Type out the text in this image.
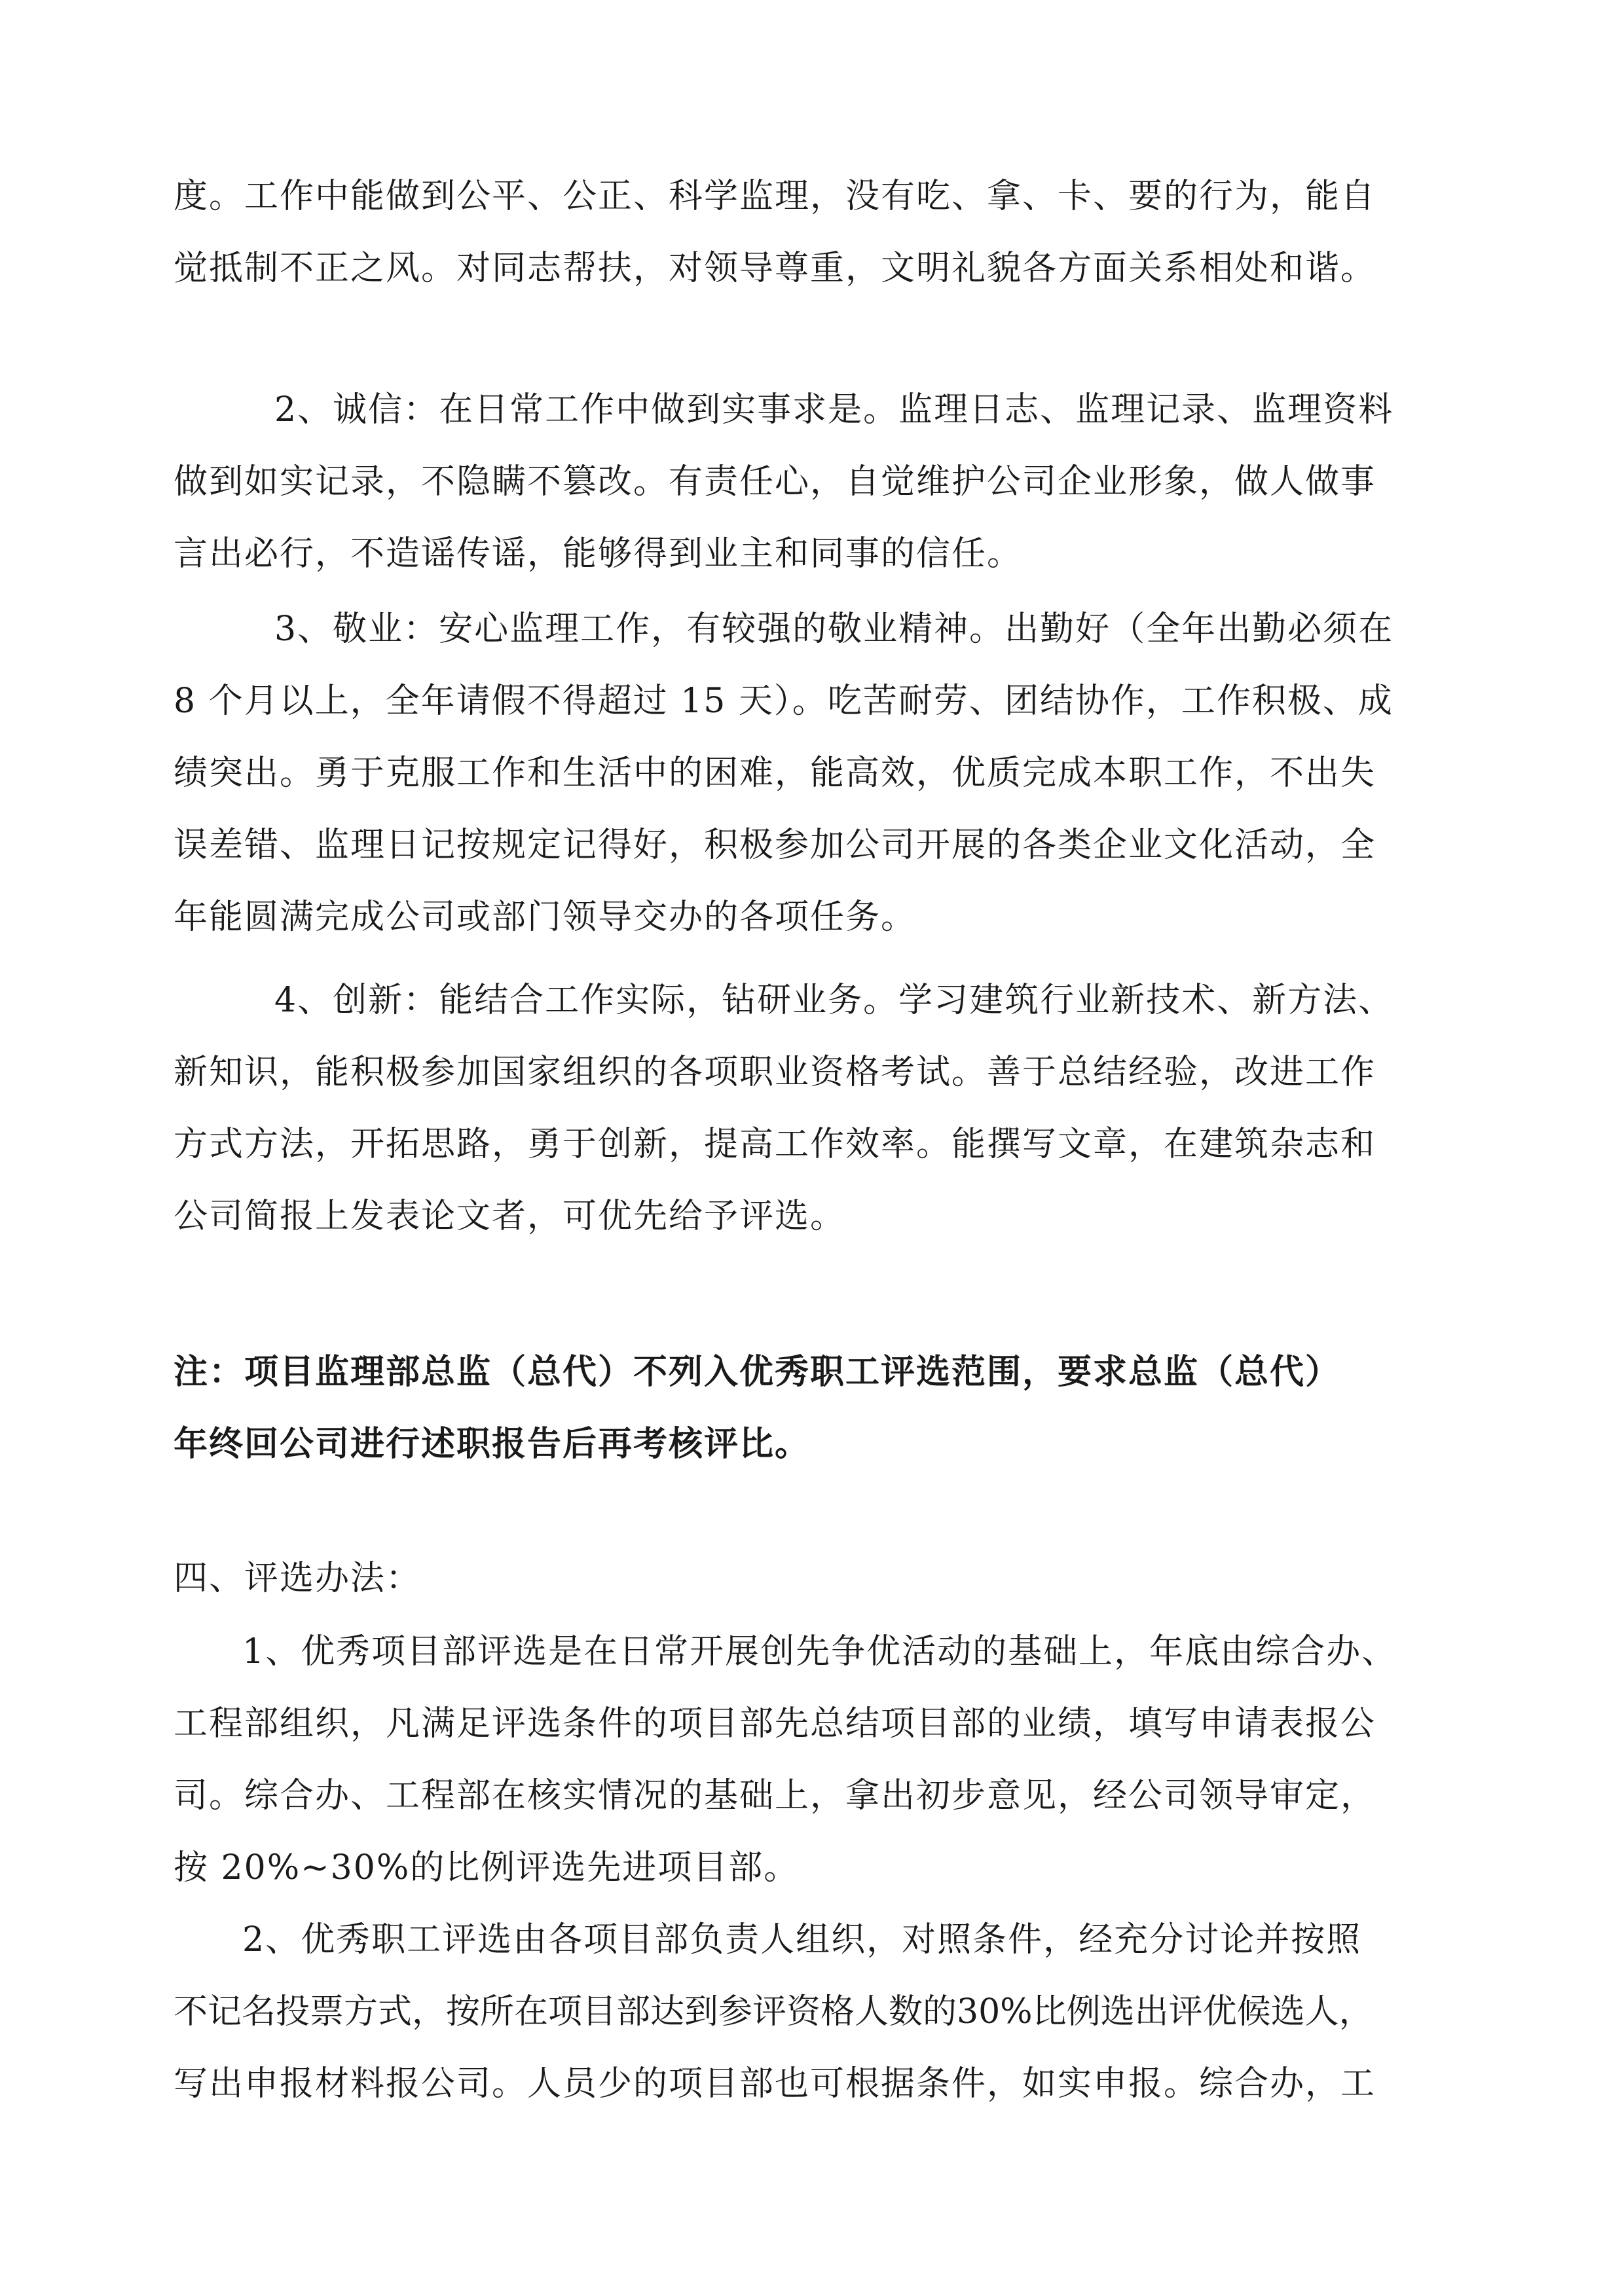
度。工作中能做到公平、公正、科学监理，没有吃、拿、卡、要的行为，能自
觉抵制不正之风。对同志帮扶，对领导尊重，文明礼貌各方面关系相处和谐。
　2、诚信：在日常工作中做到实事求是。监理日志、监理记录、监理资料
做到如实记录，不隐瞒不篡改。有责任心，自觉维护公司企业形象，做人做事
言出必行，不造谣传谣，能够得到业主和同事的信任。
　3、敬业：安心监理工作，有较强的敬业精神。出勤好（全年出勤必须在
8 个月以上，全年请假不得超过 15 天）。吃苦耐劳、团结协作，工作积极、成
绩突出。勇于克服工作和生活中的困难，能高效，优质完成本职工作，不出失
误差错、监理日记按规定记得好，积极参加公司开展的各类企业文化活动，全
年能圆满完成公司或部门领导交办的各项任务。
　4、创新：能结合工作实际，钻研业务。学习建筑行业新技术、新方法、
新知识，能积极参加国家组织的各项职业资格考试。善于总结经验，改进工作
方式方法，开拓思路，勇于创新，提高工作效率。能撰写文章，在建筑杂志和
公司简报上发表论文者，可优先给予评选。
注：项目监理部总监（总代）不列入优秀职工评选范围，要求总监（总代）
年终回公司进行述职报告后再考核评比。
四、评选办法：
1、优秀项目部评选是在日常开展创先争优活动的基础上，年底由综合办、
工程部组织，凡满足评选条件的项目部先总结项目部的业绩，填写申请表报公
司。综合办、工程部在核实情况的基础上，拿出初步意见，经公司领导审定，
按 20%~30%的比例评选先进项目部。
2、优秀职工评选由各项目部负责人组织，对照条件，经充分讨论并按照
不记名投票方式，按所在项目部达到参评资格人数的30%比例选出评优候选人，
写出申报材料报公司。人员少的项目部也可根据条件，如实申报。综合办，工
